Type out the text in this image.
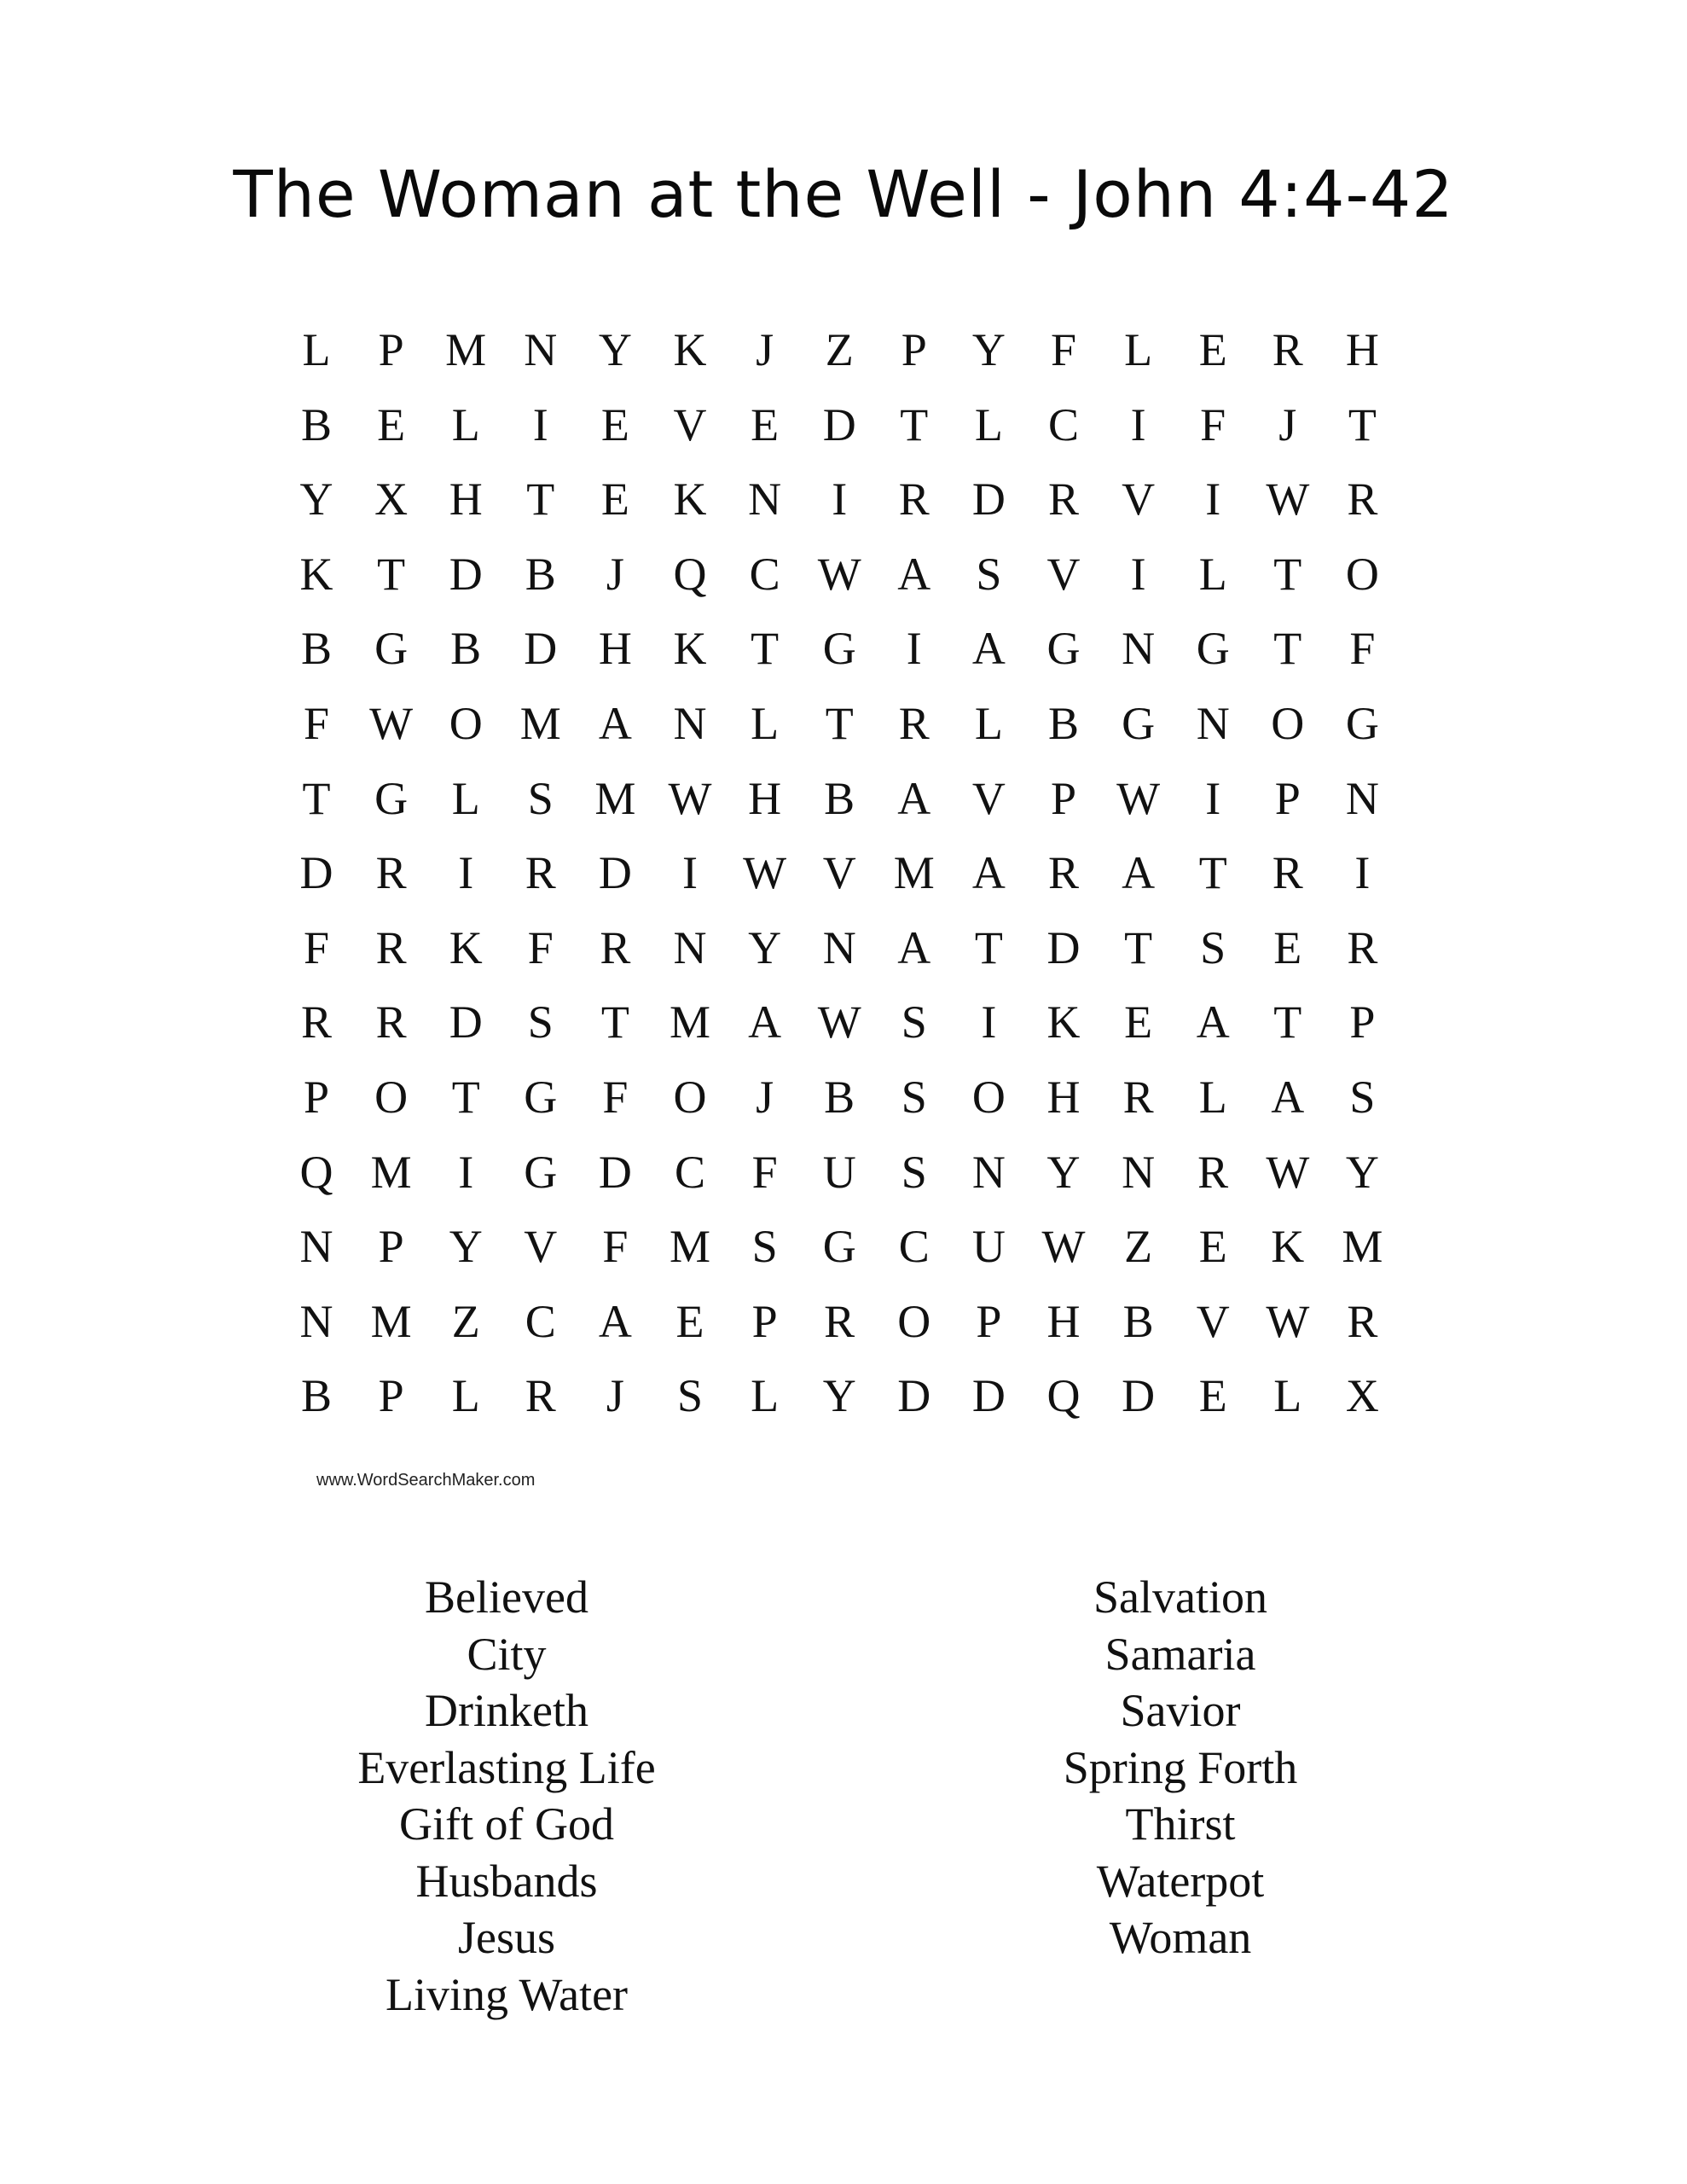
The Woman at the Well - John 4:4-42
L	P M N Y K	J	Z	P Y F	L	E R H
B E	L	I	E V E D T	L C	I	F	J	T
Y X H T	E K N	I	R D R V	I W R
K T D B	J	Q C W A S V	I	L	T O
B G B D H K T G	I	A G N G T	F
F W O M A N L	T R L B G N O G
T G L	S M W H B A V P W I	P N
D R	I	R D	I W V M A R A T R	I
F	R K F	R N Y N A T D T	S	E R
R R D S	T M A W S	I	K E A T	P
P O T G F O	J	B	S O H R L A S
Q M	I	G D C	F U S N Y N R W Y
N P Y V F M S G C U W Z	E K M
N M Z C A E	P	R O P H B V W R
B	P	L R	J	S	L Y D D Q D E	L X
www.WordSearchMaker.com
Believed
City
Drinketh
Everlasting Life
Gift of God
Husbands
Jesus
Living Water
Salvation
Samaria
Savior
Spring Forth
Thirst
Waterpot
Woman
